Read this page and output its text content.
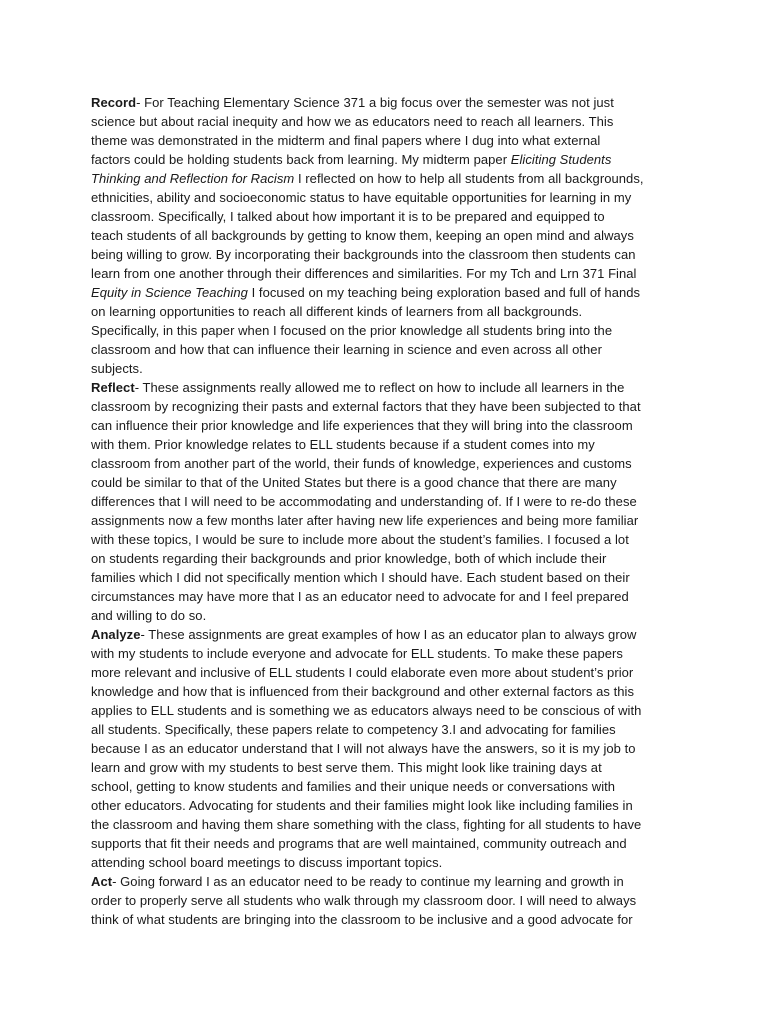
Record- For Teaching Elementary Science 371 a big focus over the semester was not just
science but about racial inequity and how we as educators need to reach all learners. This
theme was demonstrated in the midterm and final papers where I dug into what external
factors could be holding students back from learning. My midterm paper Eliciting Students
Thinking and Reflection for Racism I reflected on how to help all students from all backgrounds,
ethnicities, ability and socioeconomic status to have equitable opportunities for learning in my
classroom. Specifically, I talked about how important it is to be prepared and equipped to
teach students of all backgrounds by getting to know them, keeping an open mind and always
being willing to grow. By incorporating their backgrounds into the classroom then students can
learn from one another through their differences and similarities. For my Tch and Lrn 371 Final
Equity in Science Teaching I focused on my teaching being exploration based and full of hands
on learning opportunities to reach all different kinds of learners from all backgrounds.
Specifically, in this paper when I focused on the prior knowledge all students bring into the
classroom and how that can influence their learning in science and even across all other
subjects.
Reflect- These assignments really allowed me to reflect on how to include all learners in the
classroom by recognizing their pasts and external factors that they have been subjected to that
can influence their prior knowledge and life experiences that they will bring into the classroom
with them. Prior knowledge relates to ELL students because if a student comes into my
classroom from another part of the world, their funds of knowledge, experiences and customs
could be similar to that of the United States but there is a good chance that there are many
differences that I will need to be accommodating and understanding of. If I were to re-do these
assignments now a few months later after having new life experiences and being more familiar
with these topics, I would be sure to include more about the student’s families. I focused a lot
on students regarding their backgrounds and prior knowledge, both of which include their
families which I did not specifically mention which I should have. Each student based on their
circumstances may have more that I as an educator need to advocate for and I feel prepared
and willing to do so.
Analyze- These assignments are great examples of how I as an educator plan to always grow
with my students to include everyone and advocate for ELL students. To make these papers
more relevant and inclusive of ELL students I could elaborate even more about student’s prior
knowledge and how that is influenced from their background and other external factors as this
applies to ELL students and is something we as educators always need to be conscious of with
all students. Specifically, these papers relate to competency 3.I and advocating for families
because I as an educator understand that I will not always have the answers, so it is my job to
learn and grow with my students to best serve them. This might look like training days at
school, getting to know students and families and their unique needs or conversations with
other educators. Advocating for students and their families might look like including families in
the classroom and having them share something with the class, fighting for all students to have
supports that fit their needs and programs that are well maintained, community outreach and
attending school board meetings to discuss important topics.
Act- Going forward I as an educator need to be ready to continue my learning and growth in
order to properly serve all students who walk through my classroom door. I will need to always
think of what students are bringing into the classroom to be inclusive and a good advocate for
